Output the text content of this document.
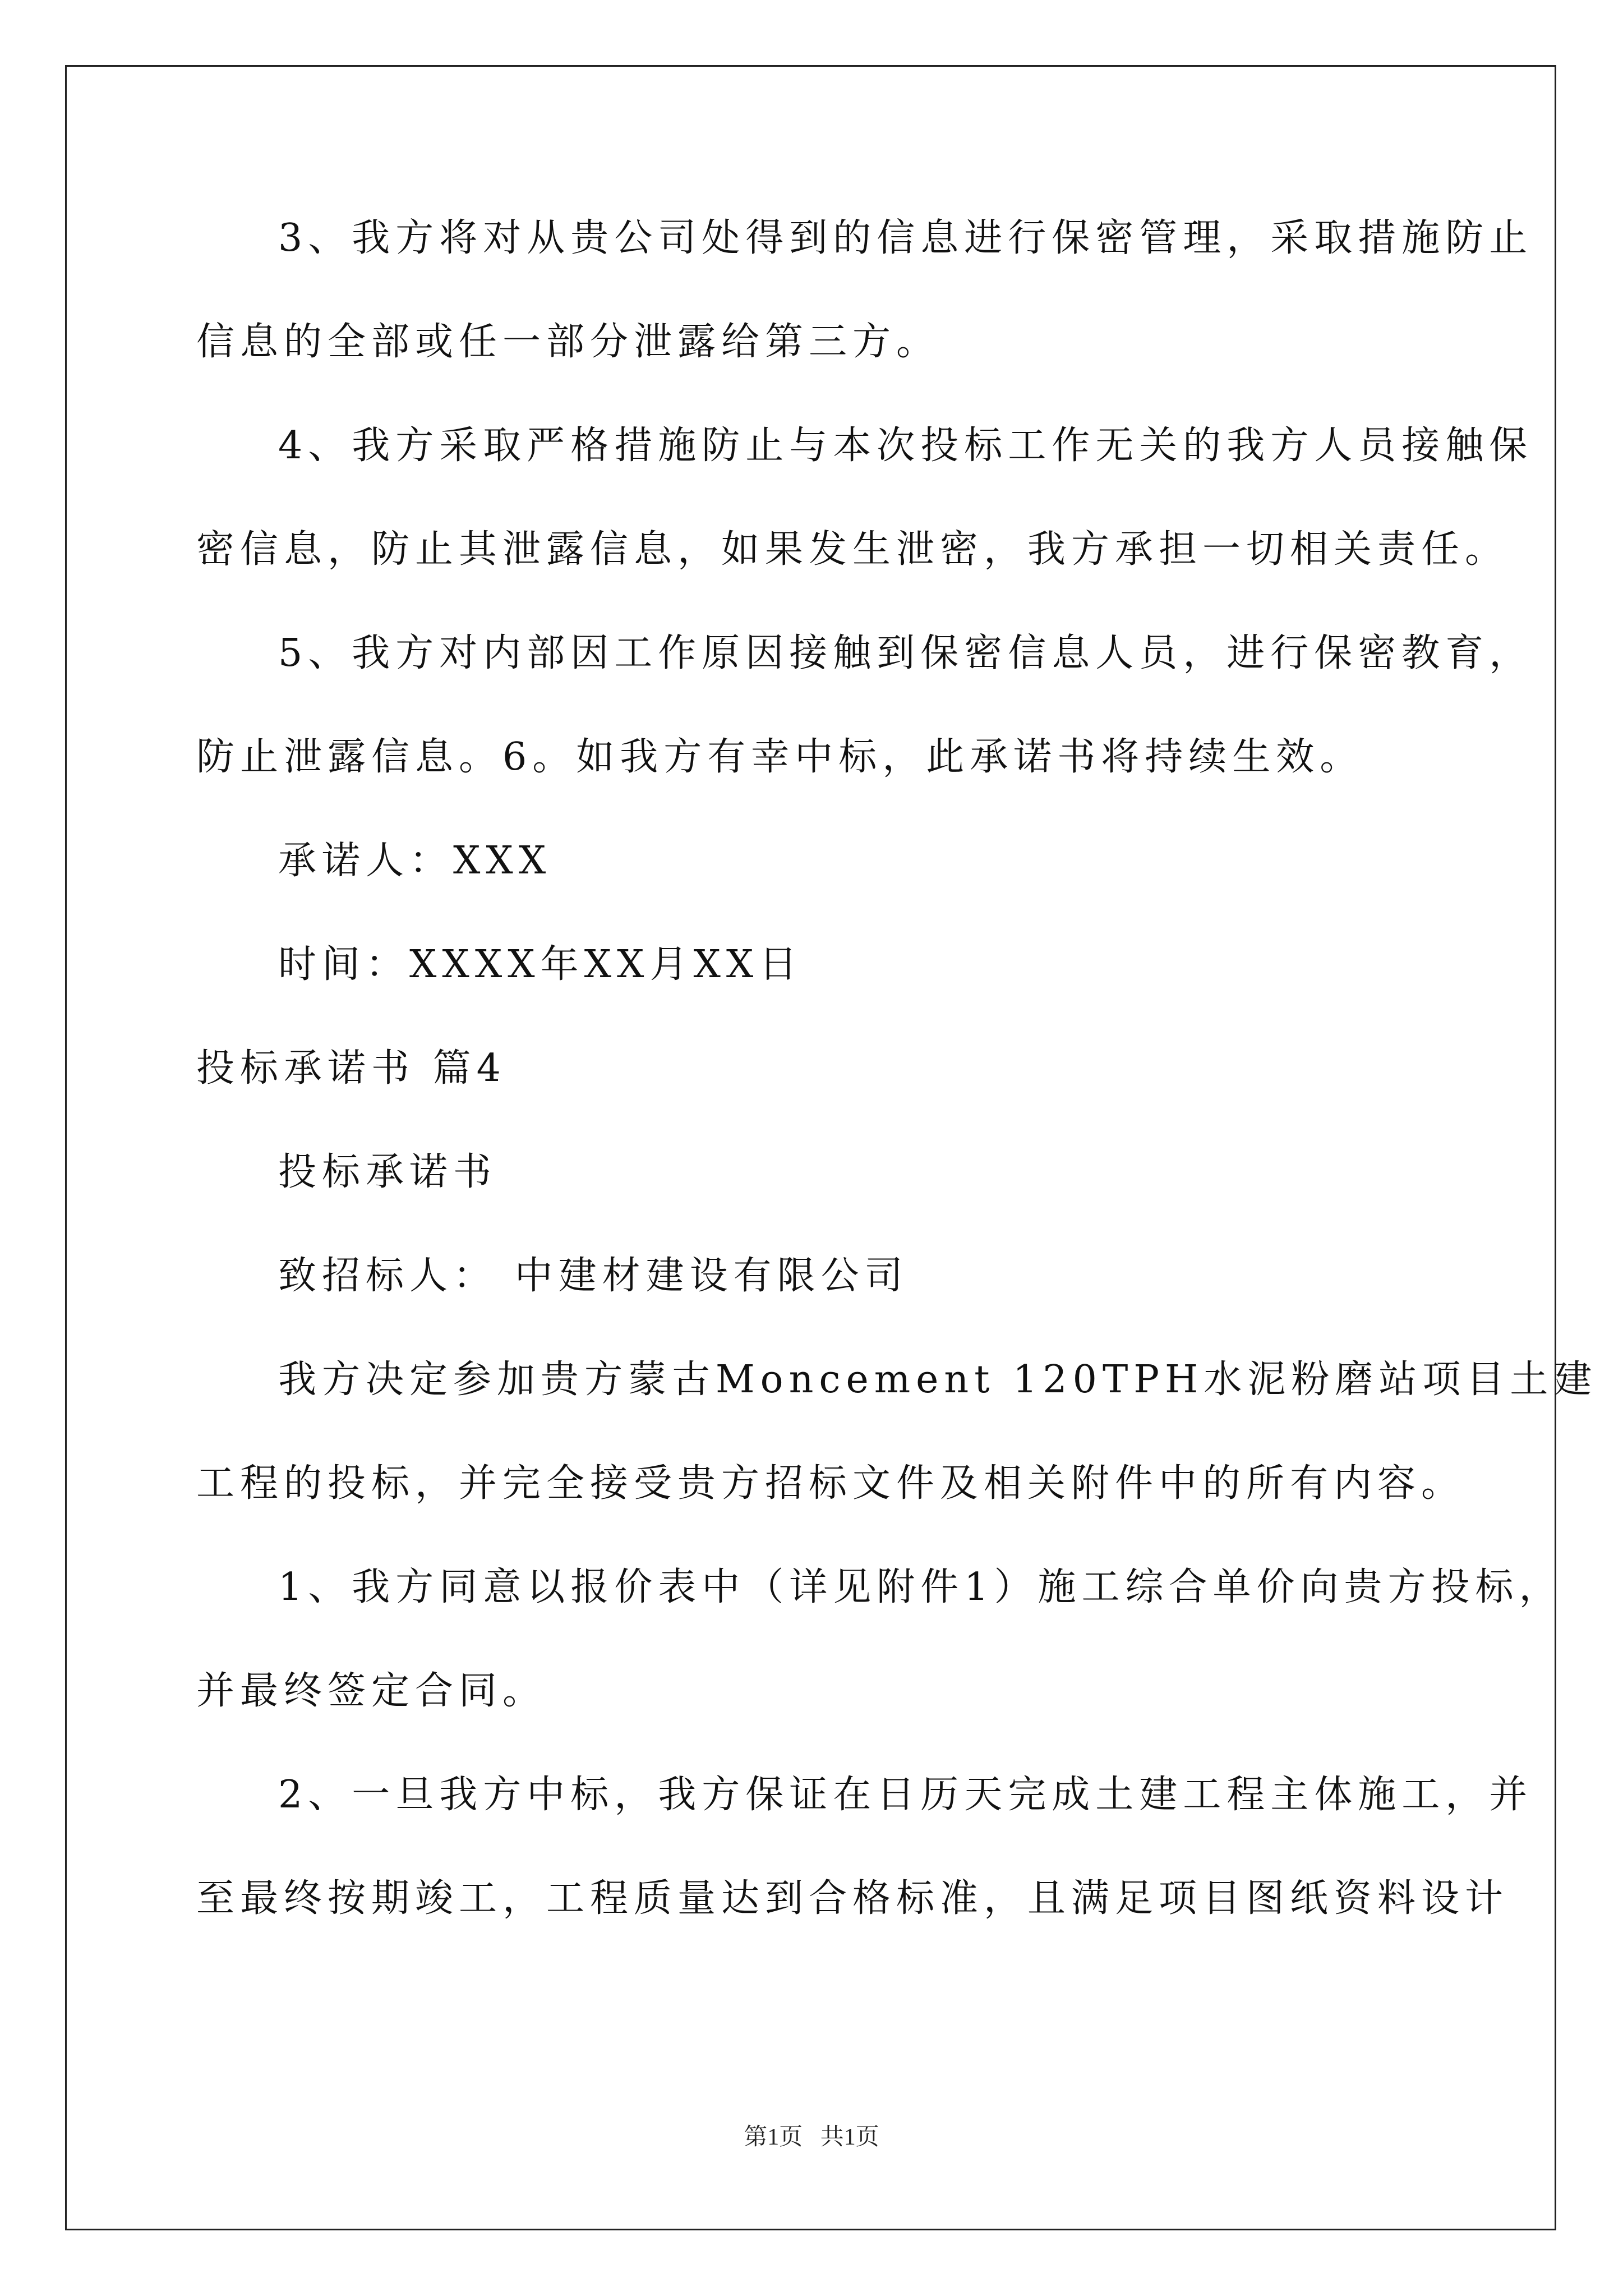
3、我方将对从贵公司处得到的信息进行保密管理，采取措施防止
信息的全部或任一部分泄露给第三方。
4、我方采取严格措施防止与本次投标工作无关的我方人员接触保
密信息，防止其泄露信息，如果发生泄密，我方承担一切相关责任。
5、我方对内部因工作原因接触到保密信息人员，进行保密教育，
防止泄露信息。6。如我方有幸中标，此承诺书将持续生效。
承诺人：XXX
时间：XXXX年XX月XX日
投标承诺书 篇4
投标承诺书
致招标人： 中建材建设有限公司
我方决定参加贵方蒙古Moncement 120TPH水泥粉磨站项目土建
工程的投标，并完全接受贵方招标文件及相关附件中的所有内容。
1、我方同意以报价表中（详见附件1）施工综合单价向贵方投标，
并最终签定合同。
2、一旦我方中标，我方保证在日历天完成土建工程主体施工，并
至最终按期竣工，工程质量达到合格标准，且满足项目图纸资料设计
第1页   共1页
